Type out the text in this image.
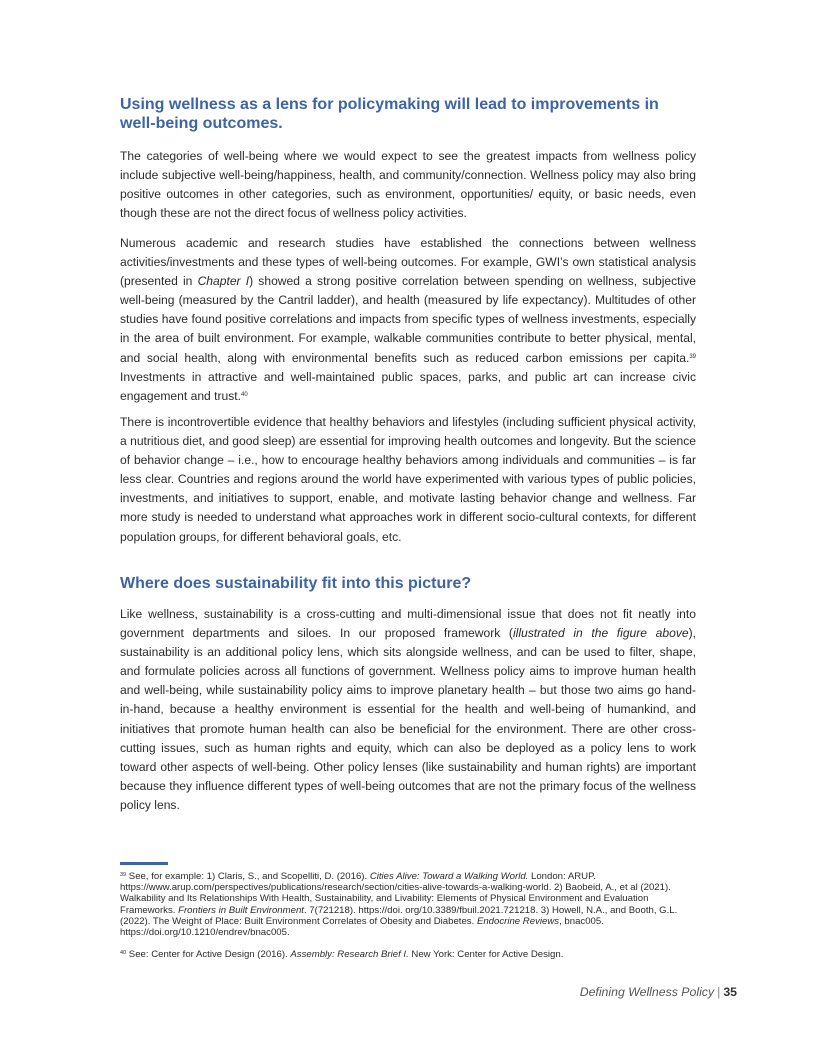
Using wellness as a lens for policymaking will lead to improvements in well-being outcomes.

The categories of well-being where we would expect to see the greatest impacts from wellness policy include subjective well-being/happiness, health, and community/connection. Wellness policy may also bring positive outcomes in other categories, such as environment, opportunities/ equity, or basic needs, even though these are not the direct focus of wellness policy activities.

Numerous academic and research studies have established the connections between wellness activities/investments and these types of well-being outcomes. For example, GWI’s own statistical analysis (presented in Chapter I) showed a strong positive correlation between spending on wellness, subjective well-being (measured by the Cantril ladder), and health (measured by life expectancy). Multitudes of other studies have found positive correlations and impacts from specific types of wellness investments, especially in the area of built environment. For example, walkable communities contribute to better physical, mental, and social health, along with environmental benefits such as reduced carbon emissions per capita.$^{39}$ Investments in attractive and well-maintained public spaces, parks, and public art can increase civic engagement and trust.$^{40}$

There is incontrovertible evidence that healthy behaviors and lifestyles (including sufficient physical activity, a nutritious diet, and good sleep) are essential for improving health outcomes and longevity. But the science of behavior change – i.e., how to encourage healthy behaviors among individuals and communities – is far less clear. Countries and regions around the world have experimented with various types of public policies, investments, and initiatives to support, enable, and motivate lasting behavior change and wellness. Far more study is needed to understand what approaches work in different socio-cultural contexts, for different population groups, for different behavioral goals, etc.

Where does sustainability fit into this picture?

Like wellness, sustainability is a cross-cutting and multi-dimensional issue that does not fit neatly into government departments and siloes. In our proposed framework (illustrated in the figure above), sustainability is an additional policy lens, which sits alongside wellness, and can be used to filter, shape, and formulate policies across all functions of government. Wellness policy aims to improve human health and well-being, while sustainability policy aims to improve planetary health – but those two aims go hand-in-hand, because a healthy environment is essential for the health and well-being of humankind, and initiatives that promote human health can also be beneficial for the environment. There are other cross-cutting issues, such as human rights and equity, which can also be deployed as a policy lens to work toward other aspects of well-being. Other policy lenses (like sustainability and human rights) are important because they influence different types of well-being outcomes that are not the primary focus of the wellness policy lens.

$^{39}$ See, for example: 1) Claris, S., and Scopelliti, D. (2016). Cities Alive: Toward a Walking World. London: ARUP. https://www.arup.com/perspectives/publications/research/section/cities-alive-towards-a-walking-world. 2) Baobeid, A., et al (2021). Walkability and Its Relationships With Health, Sustainability, and Livability: Elements of Physical Environment and Evaluation Frameworks. Frontiers in Built Environment. 7(721218). https://doi. org/10.3389/fbuil.2021.721218. 3) Howell, N.A., and Booth, G.L. (2022). The Weight of Place: Built Environment Correlates of Obesity and Diabetes. Endocrine Reviews, bnac005. https://doi.org/10.1210/endrev/bnac005.

$^{40}$ See: Center for Active Design (2016). Assembly: Research Brief I. New York: Center for Active Design.

Defining Wellness Policy | 35
